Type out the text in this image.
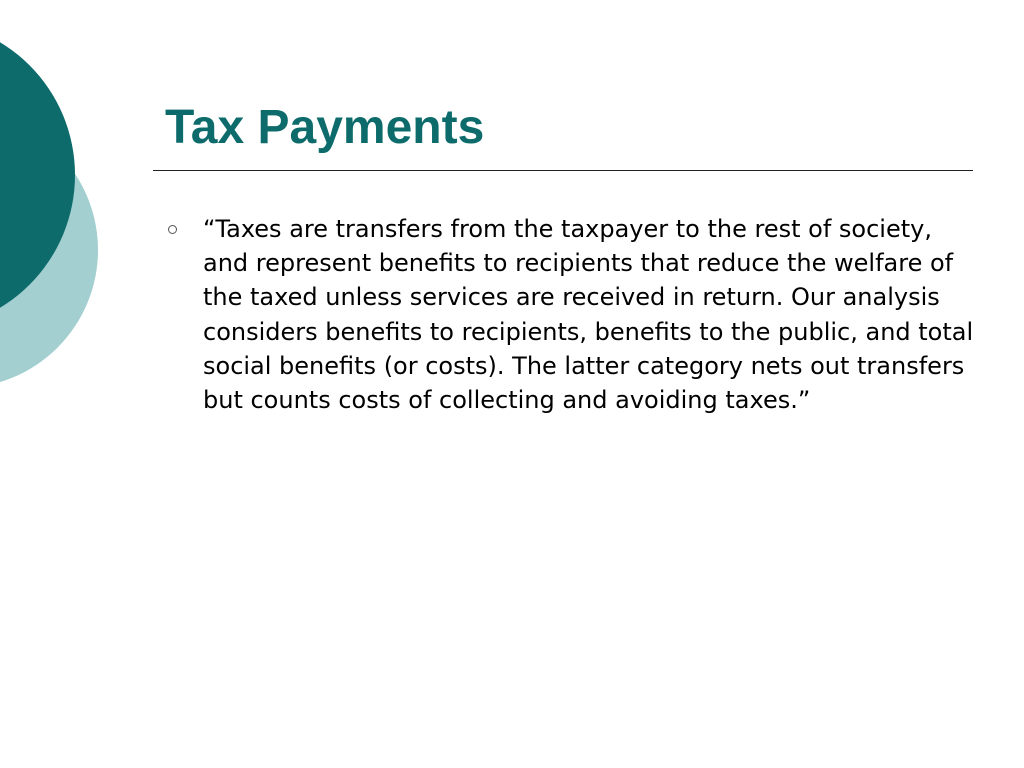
Tax Payments
“Taxes are transfers from the taxpayer to the rest of society, and represent benefits to recipients that reduce the welfare of the taxed unless services are received in return. Our analysis considers benefits to recipients, benefits to the public, and total social benefits (or costs). The latter category nets out transfers but counts costs of collecting and avoiding taxes.”
